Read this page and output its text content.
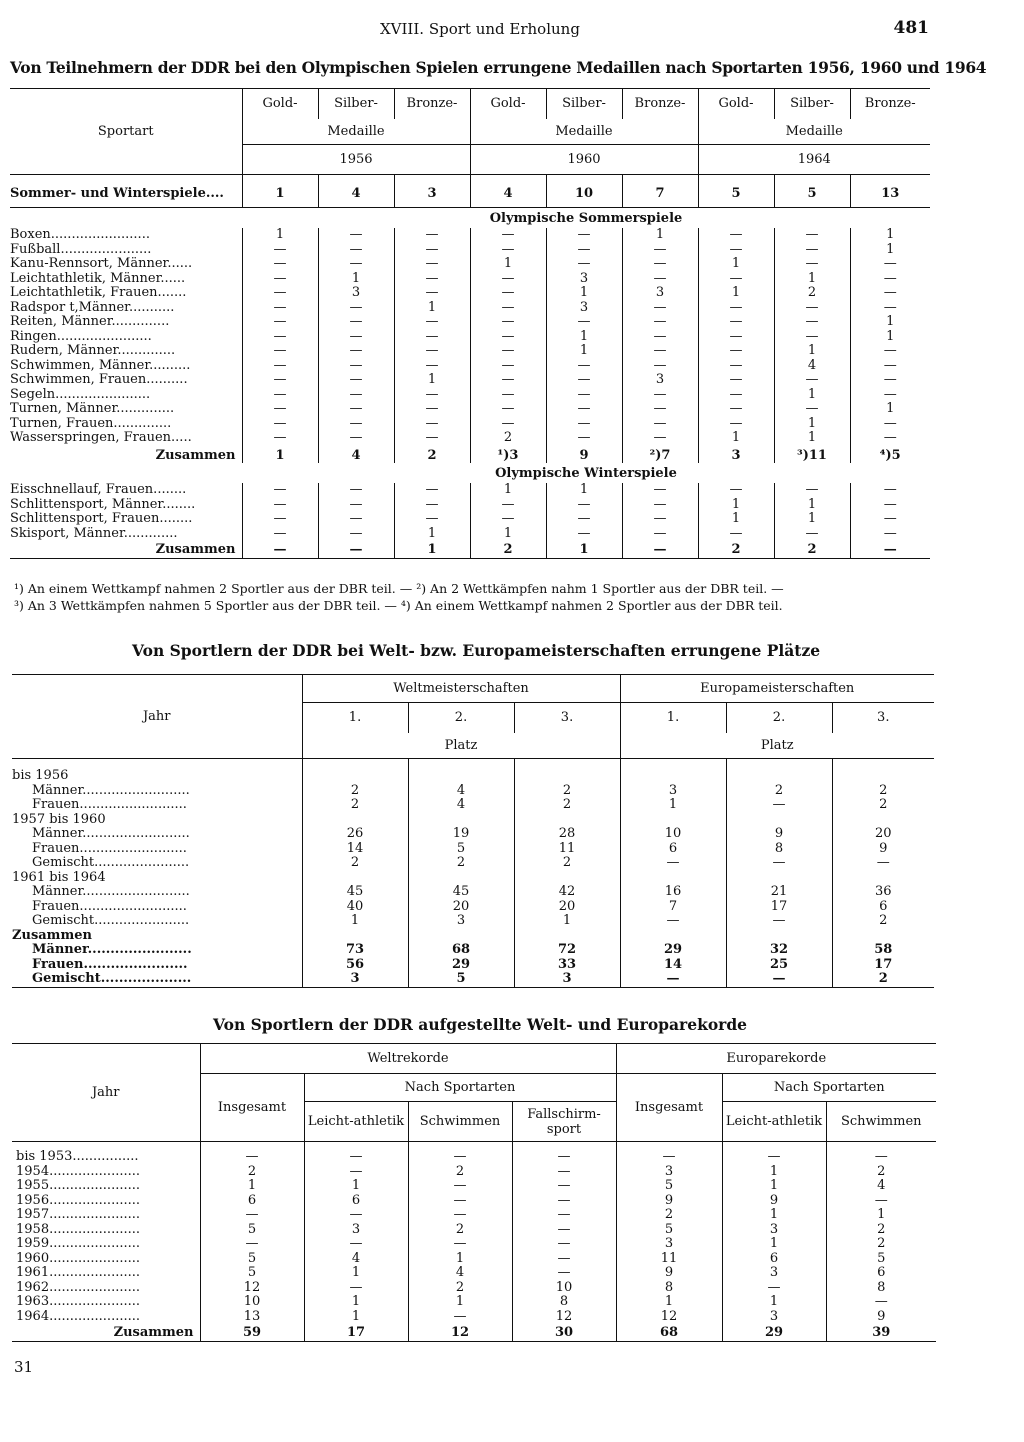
XVIII. Sport und Erholung	481
Von Teilnehmern der DDR bei den Olympischen Spielen errungene Medaillen nach Sportarten 1956, 1960 und 1964
Sportart	Gold-	Silber-	Bronze-	Gold-	Silber-	Bronze-	Gold-	Silber-	Bronze-
	Medaille			Medaille			Medaille		
	1956			1960			1964		
Sommer- und Winterspiele....	1	4	3	4	10	7	5	5	13
	Olympische Sommerspiele								
Boxen........................	1	—	—	—	—	1	—	—	1
Fußball......................	—	—	—	—	—	—	—	—	1
Kanu-Rennsort, Männer......	—	—	—	1	—	—	1	—	—
Leichtathletik, Männer......	—	1	—	—	3	—	—	1	—
Leichtathletik, Frauen.......	—	3	—	—	1	3	1	2	—
Radspor t,Männer...........	—	—	1	—	3	—	—	—	—
Reiten, Männer..............	—	—	—	—	—	—	—	—	1
Ringen.......................	—	—	—	—	1	—	—	—	1
Rudern, Männer..............	—	—	—	—	1	—	—	1	—
Schwimmen, Männer..........	—	—	—	—	—	—	—	4	—
Schwimmen, Frauen..........	—	—	1	—	—	3	—	—	—
Segeln.......................	—	—	—	—	—	—	—	1	—
Turnen, Männer..............	—	—	—	—	—	—	—	—	1
Turnen, Frauen..............	—	—	—	—	—	—	—	1	—
Wasserspringen, Frauen.....	—	—	—	2	—	—	1	1	—
Zusammen	1	4	2	¹)3	9	²)7	3	³)11	⁴)5
	Olympische Winterspiele								
Eisschnellauf, Frauen........	—	—	—	1	1	—	—	—	—
Schlittensport, Männer........	—	—	—	—	—	—	1	1	—
Schlittensport, Frauen........	—	—	—	—	—	—	1	1	—
Skisport, Männer.............	—	—	1	1	—	—	—	—	—
Zusammen	—	—	1	2	1	—	2	2	—
¹) An einem Wettkampf nahmen 2 Sportler aus der DBR teil. — ²) An 2 Wettkämpfen nahm 1 Sportler aus der DBR teil. —
³) An 3 Wettkämpfen nahmen 5 Sportler aus der DBR teil. — ⁴) An einem Wettkampf nahmen 2 Sportler aus der DBR teil.
Von Sportlern der DDR bei Welt- bzw. Europameisterschaften errungene Plätze
Jahr	Weltmeisterschaften			Europameisterschaften		
	1.	2.	3.	1.	2.	3.
	Platz			Platz		
bis 1956						
Männer..........................	2	4	2	3	2	2
Frauen..........................	2	4	2	1	—	2
1957 bis 1960						
Männer..........................	26	19	28	10	9	20
Frauen..........................	14	5	11	6	8	9
Gemischt.......................	2	2	2	—	—	—
1961 bis 1964						
Männer..........................	45	45	42	16	21	36
Frauen..........................	40	20	20	7	17	6
Gemischt.......................	1	3	1	—	—	2
Zusammen						
Männer.......................	73	68	72	29	32	58
Frauen.......................	56	29	33	14	25	17
Gemischt....................	3	5	3	—	—	2
Von Sportlern der DDR aufgestellte Welt- und Europarekorde
Jahr	Weltrekorde				Europarekorde		
	Insgesamt	Nach Sportarten			Insgesamt	Nach Sportarten	
		Leicht-athletik	Schwimmen	Fallschirm-sport		Leicht-athletik	Schwimmen
bis 1953................	—	—	—	—	—	—	—
1954......................	2	—	2	—	3	1	2
1955......................	1	1	—	—	5	1	4
1956......................	6	6	—	—	9	9	—
1957......................	—	—	—	—	2	1	1
1958......................	5	3	2	—	5	3	2
1959......................	—	—	—	—	3	1	2
1960......................	5	4	1	—	11	6	5
1961......................	5	1	4	—	9	3	6
1962......................	12	—	2	10	8	—	8
1963......................	10	1	1	8	1	1	—
1964......................	13	1	—	12	12	3	9
Zusammen	59	17	12	30	68	29	39
31
